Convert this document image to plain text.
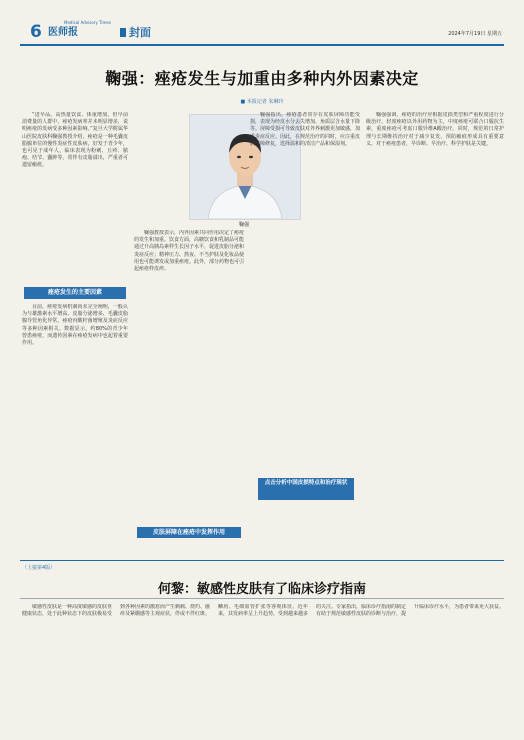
6	Medical Advisory Times
医师报	封面	2024年7月19日 星期五
鞠强：痤疮发生与加重由多种内外因素决定
■ 本报记者 朱琳玲

“进早品、高热量饮食、体重增加，但早前消费量的人群中，痤疮发病率并未明显增多，说明痤疮的发病受多种因素影响。”复旦大学附属华山医院皮肤科鞠强教授介绍，痤疮是一种毛囊皮脂腺单位的慢性炎症性皮肤病，好发于青少年，也可见于成年人，临床表现为粉刺、丘疹、脓疱、结节、囊肿等，常伴有皮脂溢出，严重者可遗留瘢痕。

痤疮发生的主要因素

目前，痤疮发病机制尚未完全阐明，一般认为与雄激素水平增高、皮脂分泌增多、毛囊皮脂腺导管角化异常、痤疮丙酸杆菌增殖及炎症反应等多种因素相关。数据显示，约80%的青少年曾患痤疮，而遗传因素在痤疮发病中也起着重要作用。

鞠强

鞠强教授表示，内外因素共同作用决定了痤疮的发生和加重。饮食方面，高糖饮食和乳制品可能通过升高胰岛素样生长因子水平，促进皮脂分泌和炎症反应；精神压力、熬夜、不当护肤及化妆品使用也可能诱发或加重痤疮。此外，部分药物也可引起痤疮样皮疹。

皮肤屏障在痤疮中发挥作用

鞠强指出，痤疮患者常存在皮肤屏障功能受损，表现为经皮水分丢失增加、角质层含水量下降等。屏障受损可导致皮肤对外界刺激更加敏感，加重炎症反应。因此，在规范治疗的同时，应注重皮肤屏障修复，选择温和的清洁产品和保湿剂。

点击分析中国皮损特点和治疗现状

鞠强强调，痤疮的治疗应根据皮损类型和严重程度进行分级治疗。轻度痤疮以外用药物为主，中度痤疮可联合口服抗生素，重度痤疮可考虑口服异维A酸治疗。同时，规范的日常护理与长期维持治疗对于减少复发、预防瘢痕形成具有重要意义。对于痤疮患者，早诊断、早治疗、科学护肤是关键。

（上接第4版）
何黎：敏感性皮肤有了临床诊疗指南

敏感性皮肤是一种高度敏感的皮肤亚健康状态，处于此种状态下的皮肤极易受到各种因素的激惹而产生刺痛、烧灼、瘙痒及紧绷感等主观症状，伴或不伴红斑、鳞屑、毛细血管扩张等客观体征。近年来，其发病率呈上升趋势，受到越来越多的关注。专家指出，临床诊疗指南的制定有助于规范敏感性皮肤的诊断与治疗，提升临床诊疗水平，为患者带来更大获益。
